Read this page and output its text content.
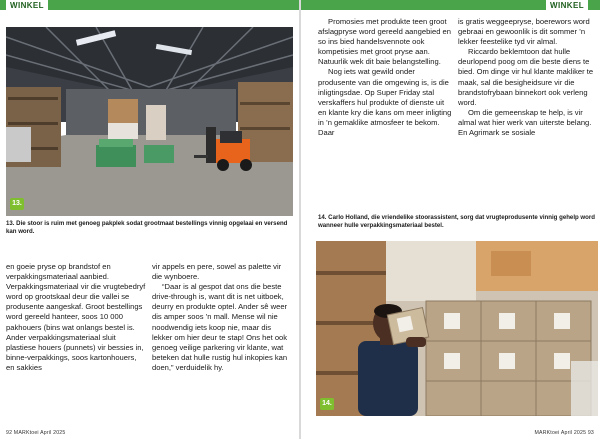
WINKEL
13.
13. Die stoor is ruim met genoeg pakplek sodat grootmaat bestellings vinnig opgelaai en versend kan word.

en goeie pryse op brandstof en verpakkingsmateriaal aanbied. Verpakkingsmateriaal vir die vrugtebedryf word op grootskaal deur die vallei se produsente aangeskaf. Groot bestellings word gereeld hanteer, soos 10 000 pakhouers (bins wat onlangs bestel is. Ander verpakkingsmateriaal sluit plastiese houers (punnets) vir bessies in, binne-verpakkings, soos kartonhouers, en sakkies

vir appels en pere, sowel as palette vir die wynboere.

“Daar is al gespot dat ons die beste drive-through is, want dit is net uitboek, deurry en produkte optel. Ander sê weer dis amper soos ’n mall. Mense wil nie noodwendig iets koop nie, maar dis lekker om hier deur te stap! Ons het ook genoeg veilige parkering vir klante, wat beteken dat hulle rustig hul inkopies kan doen,” verduidelik hy.

92 MARKtoei April 2025
WINKEL

Promosies met produkte teen groot afslagpryse word gereeld aangebied en so ins bied handelsvennote ook kompetisies met groot pryse aan. Natuurlik wek dit baie belangstelling.

Nog iets wat gewild onder produsente van die omgewing is, is die inligtingsdae. Op Super Friday stal verskaffers hul produkte of dienste uit en klante kry die kans om meer inligting in ’n gemaklike atmosfeer te bekom. Daar

is gratis weggeepryse, boerewors word gebraai en gewoonlik is dit sommer ’n lekker feestelike tyd vir almal.

Riccardo beklemtoon dat hulle deurlopend poog om die beste diens te bied. Om dinge vir hul klante makliker te maak, sal die besigheidsure vir die brandstofrybaan binnekort ook verleng word.

Om die gemeenskap te help, is vir almal wat hier werk van uiterste belang. En Agrimark se sosiale

14. Carlo Holland, die vriendelike stoorassistent, sorg dat vrugteprodusente vinnig gehelp word wanneer hulle verpakkingsmateriaal bestel.
14.
MARKtoei April 2025 93
